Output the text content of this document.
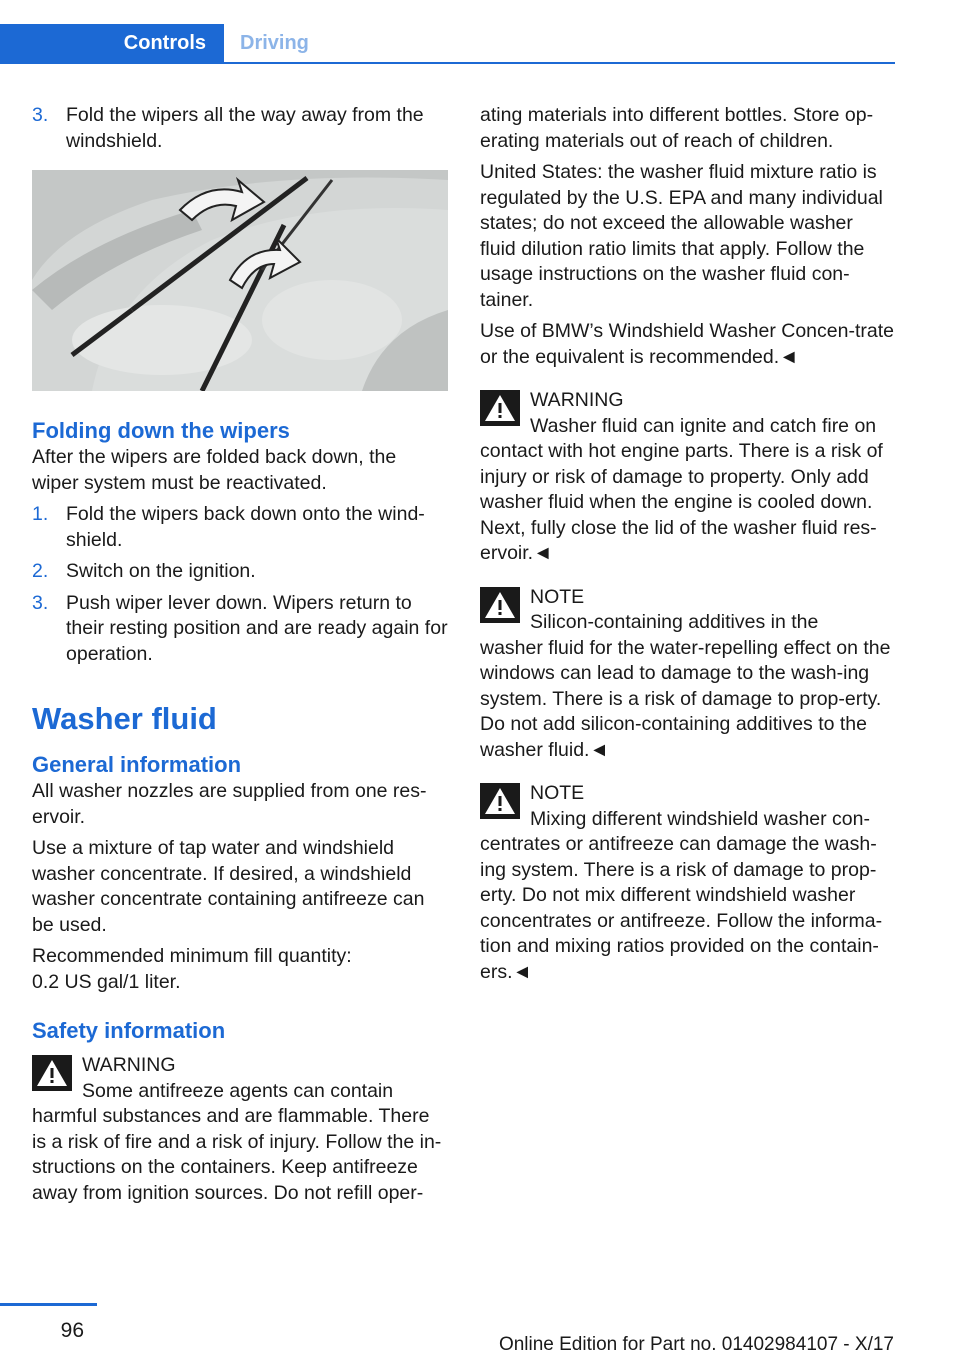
Controls	Driving
3. Fold the wipers all the way away from the windshield.
Folding down the wipers

After the wipers are folded back down, the wiper system must be reactivated.

1. Fold the wipers back down onto the wind‐shield.
2. Switch on the ignition.
3. Push wiper lever down. Wipers return to their resting position and are ready again for operation.
Washer fluid
General information

All washer nozzles are supplied from one res‐ervoir.

Use a mixture of tap water and windshield washer concentrate. If desired, a windshield washer concentrate containing antifreeze can be used.

Recommended minimum fill quantity:
0.2 US gal/1 liter.

Safety information
WARNING
Some antifreeze agents can contain
harmful substances and are flammable. There is a risk of fire and a risk of injury. Follow the in‐structions on the containers. Keep antifreeze away from ignition sources. Do not refill oper‐

ating materials into different bottles. Store op‐erating materials out of reach of children.

United States: the washer fluid mixture ratio is regulated by the U.S. EPA and many individual states; do not exceed the allowable washer fluid dilution ratio limits that apply. Follow the usage instructions on the washer fluid con‐tainer.

Use of BMW’s Windshield Washer Concen‐trate or the equivalent is recommended.◄

WARNING
Washer fluid can ignite and catch fire on
contact with hot engine parts. There is a risk of injury or risk of damage to property. Only add washer fluid when the engine is cooled down. Next, fully close the lid of the washer fluid res‐ervoir.◄
NOTE
Silicon-containing additives in the
washer fluid for the water-repelling effect on the windows can lead to damage to the wash‐ing system. There is a risk of damage to prop‐erty. Do not add silicon-containing additives to the washer fluid.◄
NOTE
Mixing different windshield washer con‐
centrates or antifreeze can damage the wash‐ing system. There is a risk of damage to prop‐erty. Do not mix different windshield washer concentrates or antifreeze. Follow the informa‐tion and mixing ratios provided on the contain‐ers.◄
96
Online Edition for Part no. 01402984107 - X/17
